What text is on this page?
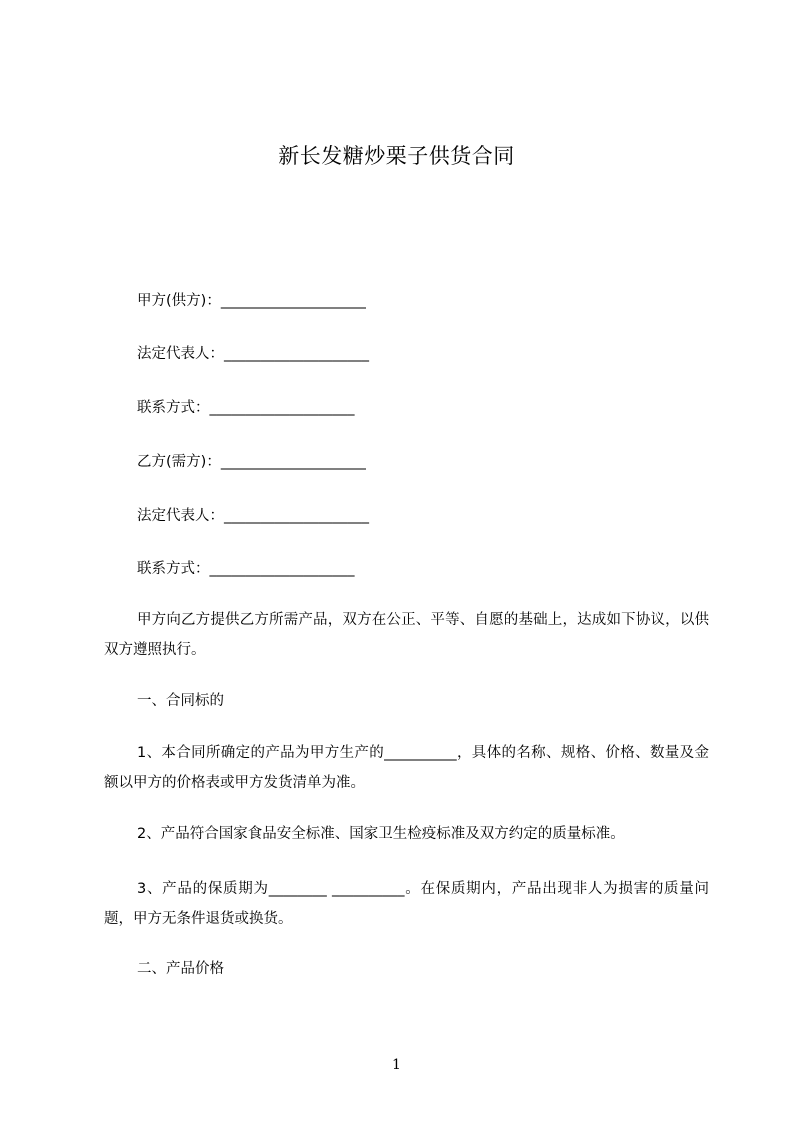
新长发糖炒栗子供货合同
甲方(供方)：____________________
法定代表人：____________________
联系方式：____________________
乙方(需方)：____________________
法定代表人：____________________
联系方式：____________________
甲方向乙方提供乙方所需产品，双方在公正、平等、自愿的基础上，达成如下协议，以供双方遵照执行。
一、合同标的
1、本合同所确定的产品为甲方生产的__________，具体的名称、规格、价格、数量及金额以甲方的价格表或甲方发货清单为准。
2、产品符合国家食品安全标准、国家卫生检疫标准及双方约定的质量标准。
3、产品的保质期为________ __________。在保质期内，产品出现非人为损害的质量问题，甲方无条件退货或换货。
二、产品价格
1
